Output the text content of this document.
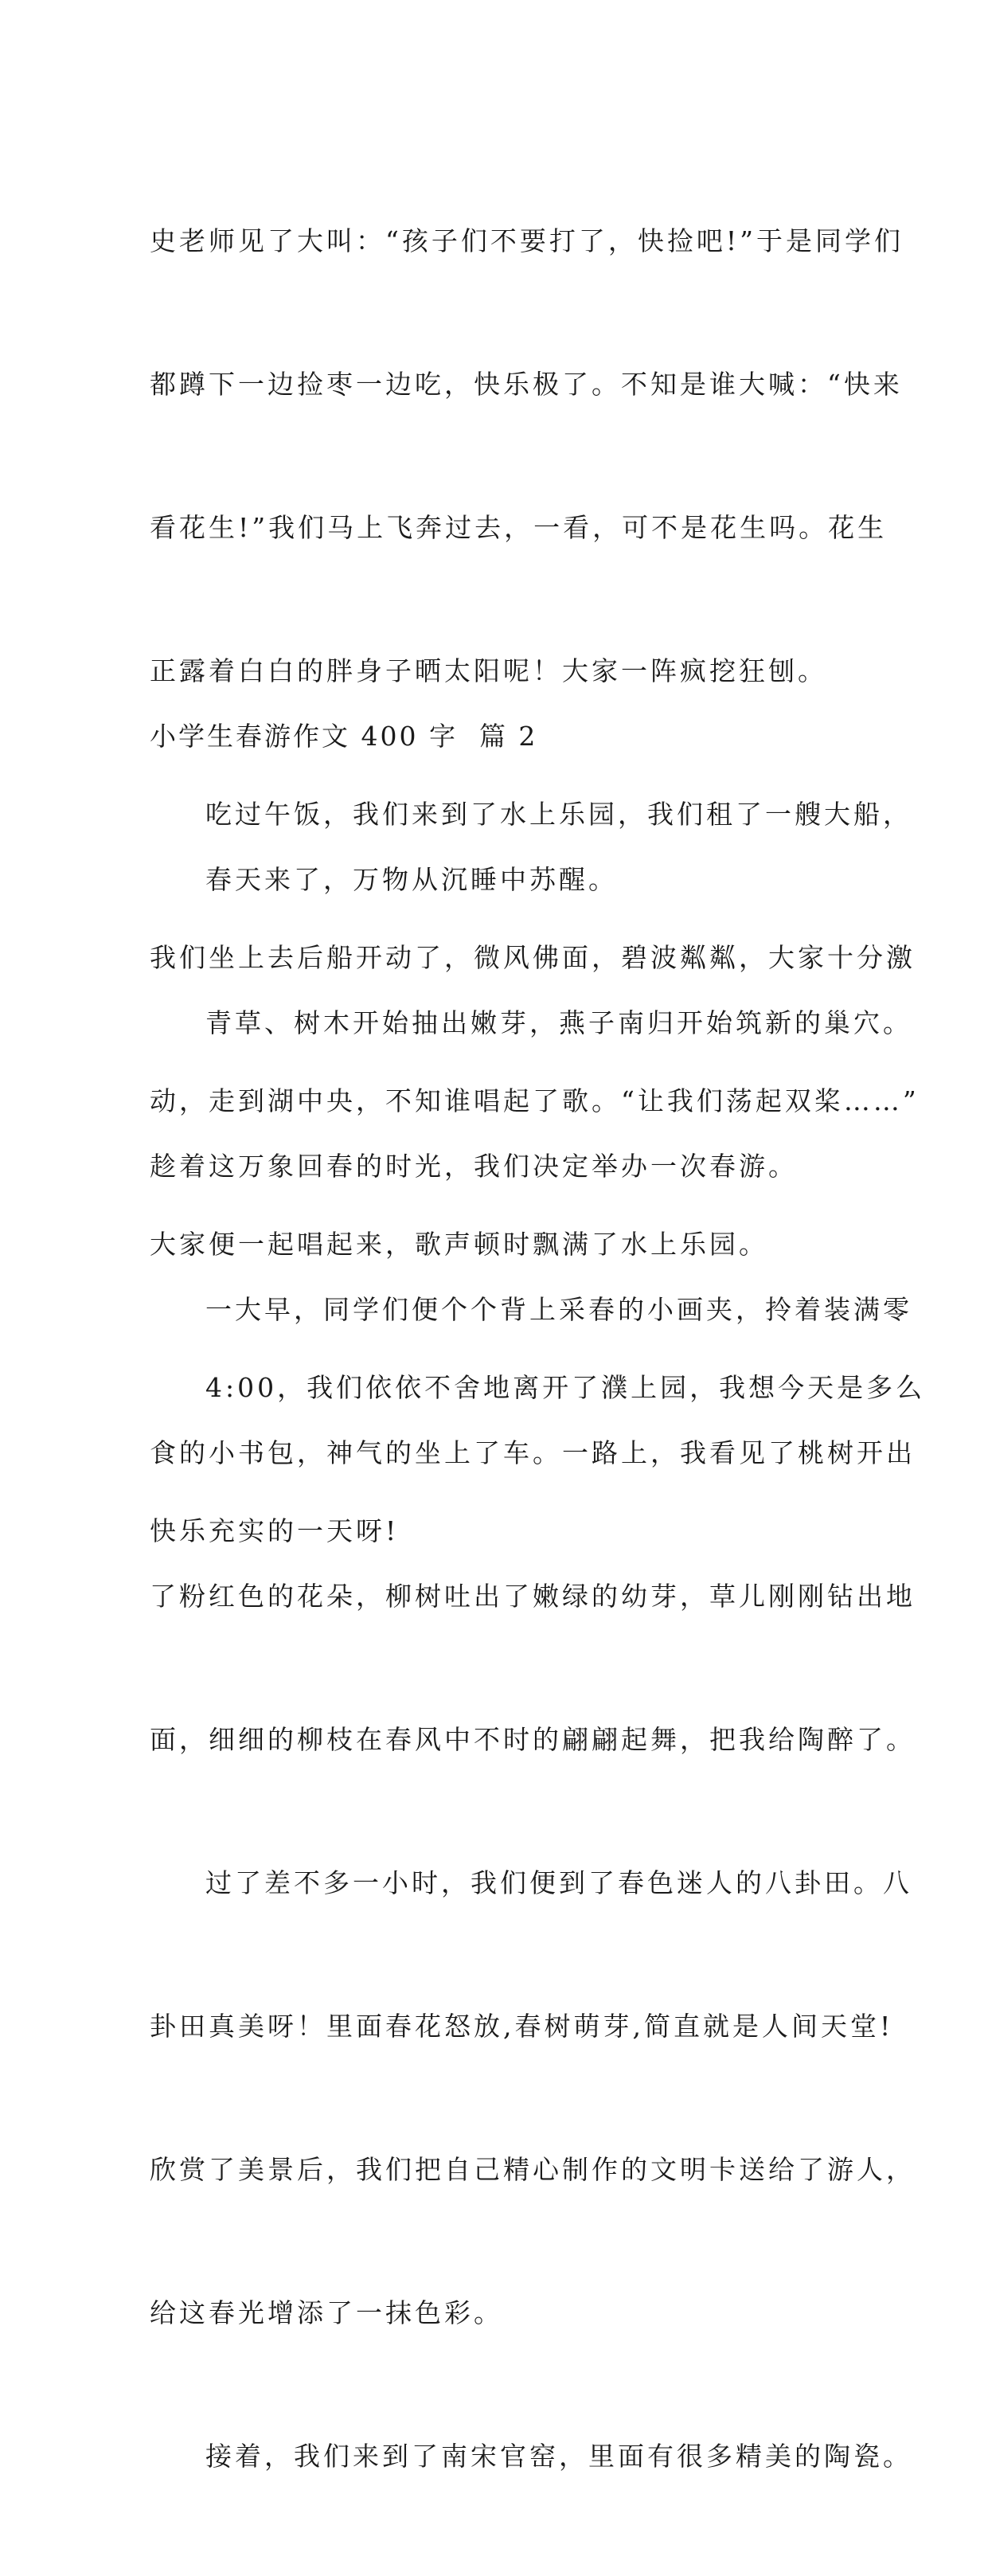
史老师见了大叫：“孩子们不要打了，快捡吧!”于是同学们

都蹲下一边捡枣一边吃，快乐极了。不知是谁大喊：“快来

看花生!”我们马上飞奔过去，一看，可不是花生吗。花生

正露着白白的胖身子晒太阳呢！大家一阵疯挖狂刨。

吃过午饭，我们来到了水上乐园，我们租了一艘大船，

我们坐上去后船开动了，微风佛面，碧波粼粼，大家十分激

动，走到湖中央，不知谁唱起了歌。“让我们荡起双桨……”

大家便一起唱起来，歌声顿时飘满了水上乐园。

4:00，我们依依不舍地离开了濮上园，我想今天是多么

快乐充实的一天呀!

小学生春游作文 400 字  篇 2

春天来了，万物从沉睡中苏醒。

青草、树木开始抽出嫩芽，燕子南归开始筑新的巢穴。

趁着这万象回春的时光，我们决定举办一次春游。

一大早，同学们便个个背上采春的小画夹，拎着装满零

食的小书包，神气的坐上了车。一路上，我看见了桃树开出

了粉红色的花朵，柳树吐出了嫩绿的幼芽，草儿刚刚钻出地

面，细细的柳枝在春风中不时的翩翩起舞，把我给陶醉了。

过了差不多一小时，我们便到了春色迷人的八卦田。八

卦田真美呀！里面春花怒放,春树萌芽,简直就是人间天堂!

欣赏了美景后，我们把自己精心制作的文明卡送给了游人，

给这春光增添了一抹色彩。

接着，我们来到了南宋官窑，里面有很多精美的陶瓷。
